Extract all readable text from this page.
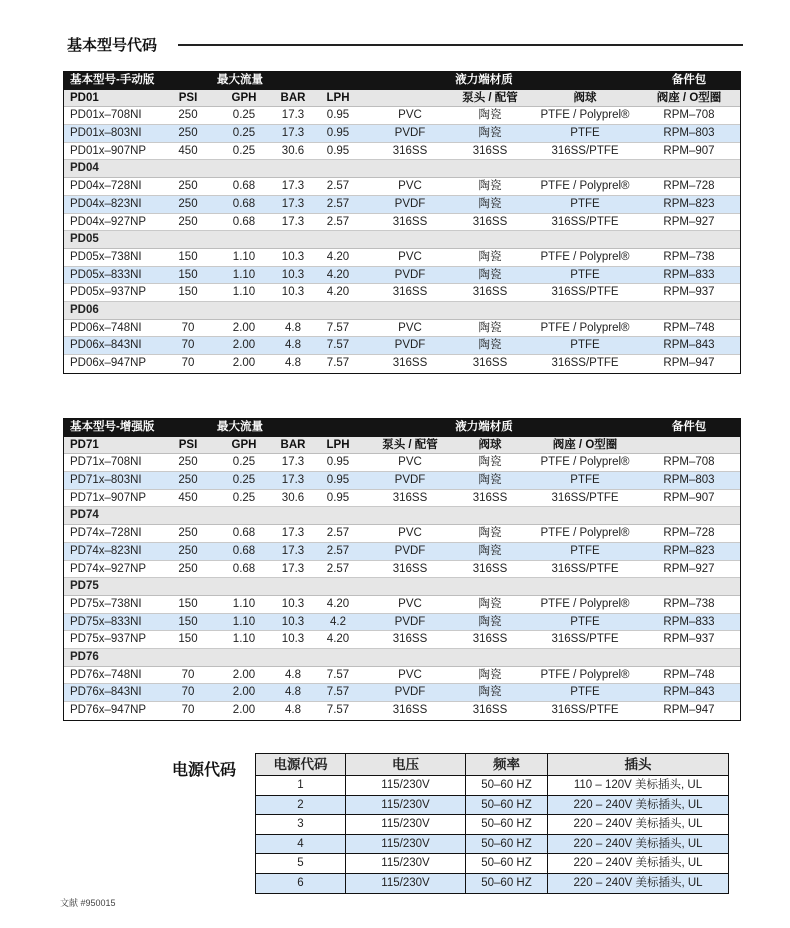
基本型号代码
基本型号-手动版	最大流量	液力端材质	备件包
PD01	PSI	GPH BAR LPH	泵头 / 配管	阀球	阀座 / O型圈
PD01x–708NI	250	0.25 17.3 0.95	PVC	陶瓷	PTFE / Polyprel®	RPM–708
PD01x–803NI	250	0.25 17.3 0.95	PVDF	陶瓷	PTFE	RPM–803
PD01x–907NP	450	0.25 30.6 0.95	316SS	316SS	316SS/PTFE	RPM–907
PD04
PD04x–728NI	250	0.68 17.3 2.57	PVC	陶瓷	PTFE / Polyprel®	RPM–728
PD04x–823NI	250	0.68 17.3 2.57	PVDF	陶瓷	PTFE	RPM–823
PD04x–927NP	250	0.68 17.3 2.57	316SS	316SS	316SS/PTFE	RPM–927
PD05
PD05x–738NI	150	1.10 10.3 4.20	PVC	陶瓷	PTFE / Polyprel®	RPM–738
PD05x–833NI	150	1.10 10.3 4.20	PVDF	陶瓷	PTFE	RPM–833
PD05x–937NP	150	1.10 10.3 4.20	316SS	316SS	316SS/PTFE	RPM–937
PD06
PD06x–748NI	70	2.00	4.8 7.57	PVC	陶瓷	PTFE / Polyprel®	RPM–748
PD06x–843NI	70	2.00	4.8 7.57	PVDF	陶瓷	PTFE	RPM–843
PD06x–947NP	70	2.00	4.8 7.57	316SS	316SS	316SS/PTFE	RPM–947
基本型号-增强版	最大流量	液力端材质	备件包
PD71	PSI	GPH BAR LPH	泵头 / 配管	阀球	阀座 / O型圈
PD71x–708NI	250	0.25 17.3 0.95	PVC	陶瓷	PTFE / Polyprel®	RPM–708
PD71x–803NI	250	0.25 17.3 0.95	PVDF	陶瓷	PTFE	RPM–803
PD71x–907NP	450	0.25 30.6 0.95	316SS	316SS	316SS/PTFE	RPM–907
PD74
PD74x–728NI	250	0.68 17.3 2.57	PVC	陶瓷	PTFE / Polyprel®	RPM–728
PD74x–823NI	250	0.68 17.3 2.57	PVDF	陶瓷	PTFE	RPM–823
PD74x–927NP	250	0.68 17.3 2.57	316SS	316SS	316SS/PTFE	RPM–927
PD75
PD75x–738NI	150	1.10 10.3 4.20	PVC	陶瓷	PTFE / Polyprel®	RPM–738
PD75x–833NI	150	1.10 10.3 4.2	PVDF	陶瓷	PTFE	RPM–833
PD75x–937NP	150	1.10 10.3 4.20	316SS	316SS	316SS/PTFE	RPM–937
PD76
PD76x–748NI	70	2.00	4.8 7.57	PVC	陶瓷	PTFE / Polyprel®	RPM–748
PD76x–843NI	70	2.00	4.8 7.57	PVDF	陶瓷	PTFE	RPM–843
PD76x–947NP	70	2.00	4.8 7.57	316SS	316SS	316SS/PTFE	RPM–947
电源代码	电源代码	电压	频率	插头
1	115/230V	50–60 HZ	110 – 120V 美标插头, UL
2	115/230V	50–60 HZ	220 – 240V 美标插头, UL
3	115/230V	50–60 HZ	220 – 240V 美标插头, UL
4	115/230V	50–60 HZ	220 – 240V 美标插头, UL
5	115/230V	50–60 HZ	220 – 240V 美标插头, UL
6	115/230V	50–60 HZ	220 – 240V 美标插头, UL
文献 #950015
